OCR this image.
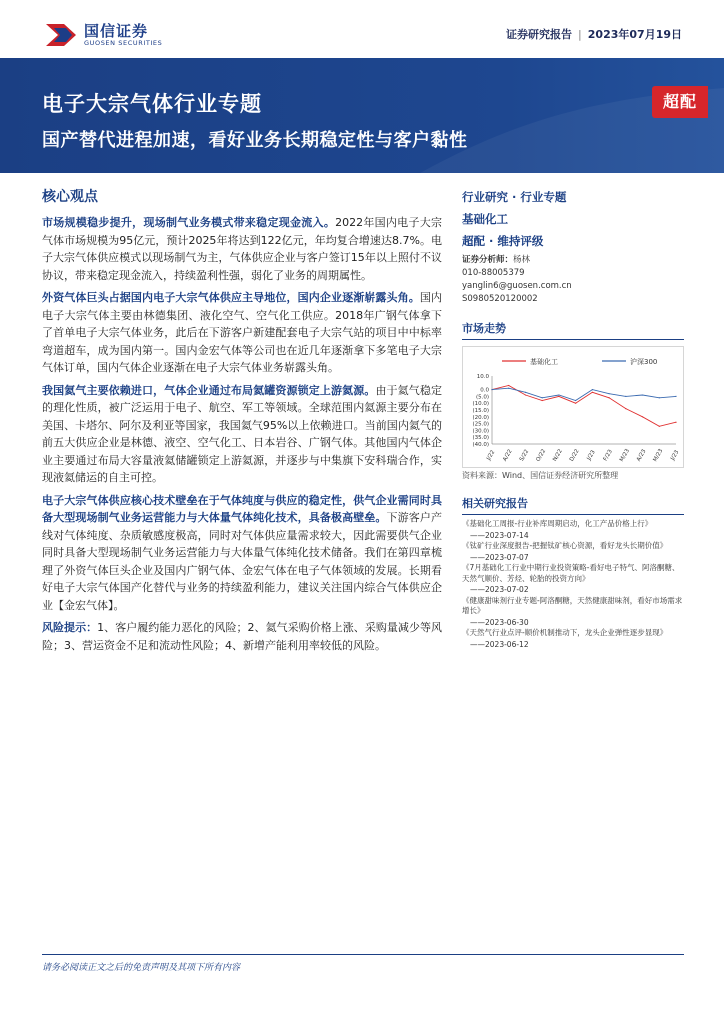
国信证券
GUOSEN SECURITIES
证券研究报告 | 2023年07月19日
电子大宗气体行业专题
国产替代进程加速，看好业务长期稳定性与客户黏性
超配
核心观点
市场规模稳步提升，现场制气业务模式带来稳定现金流入。2022年国内电子大宗气体市场规模为95亿元，预计2025年将达到122亿元，年均复合增速达8.7%。电子大宗气体供应模式以现场制气为主，气体供应企业与客户签订15年以上照付不议协议，带来稳定现金流入，持续盈利性强，弱化了业务的周期属性。
外资气体巨头占据国内电子大宗气体供应主导地位，国内企业逐渐崭露头角。国内电子大宗气体主要由林德集团、液化空气、空气化工供应。2018年广钢气体拿下了首单电子大宗气体业务，此后在下游客户新建配套电子大宗气站的项目中中标率弯道超车，成为国内第一。国内金宏气体等公司也在近几年逐渐拿下多笔电子大宗气体订单，国内气体企业逐渐在电子大宗气体业务崭露头角。
我国氦气主要依赖进口，气体企业通过布局氦罐资源锁定上游氦源。由于氦气稳定的理化性质，被广泛运用于电子、航空、军工等领域。全球范围内氦源主要分布在美国、卡塔尔、阿尔及利亚等国家，我国氦气95%以上依赖进口。当前国内氦气的前五大供应企业是林德、液空、空气化工、日本岩谷、广钢气体。其他国内气体企业主要通过布局大容量液氦储罐锁定上游氦源，并逐步与中集旗下安科瑞合作，实现液氦储运的自主可控。
电子大宗气体供应核心技术壁垒在于气体纯度与供应的稳定性，供气企业需同时具备大型现场制气业务运营能力与大体量气体纯化技术，具备极高壁垒。下游客户产线对气体纯度、杂质敏感度极高，同时对气体供应量需求较大，因此需要供气企业同时具备大型现场制气业务运营能力与大体量气体纯化技术储备。我们在第四章梳理了外资气体巨头企业及国内广钢气体、金宏气体在电子气体领域的发展。长期看好电子大宗气体国产化替代与业务的持续盈利能力，建议关注国内综合气体供应企业【金宏气体】。
风险提示：1、客户履约能力恶化的风险；2、氦气采购价格上涨、采购量减少等风险；3、营运资金不足和流动性风险；4、新增产能利用率较低的风险。
行业研究 · 行业专题
基础化工
超配 · 维持评级
证券分析师：杨林
010-88005379
yanglin6@guosen.com.cn
S0980520120002
市场走势
基础化工	沪深300
10.0
0.0
(5.0)
(10.0)
(15.0)
(20.0)
(25.0)
(30.0)
(35.0)
(40.0)
J/22 A/22 S/22 O/22 N/22 D/22 J/23 F/23 M/23 A/23 M/23 J/23
资料来源：Wind、国信证券经济研究所整理
相关研究报告
《基础化工周报-行业补库周期启动，化工产品价格上行》
——2023-07-14
《钛矿行业深度报告-把握钛矿核心资源，看好龙头长期价值》
——2023-07-07
《7月基础化工行业中期行业投资策略-看好电子特气、阿洛酮糖、天然气顺价、芳烃、轮胎的投资方向》
——2023-07-02
《健康甜味剂行业专题-阿洛酮糖，天然健康甜味剂，看好市场需求增长》
——2023-06-30
《天然气行业点评-顺价机制推动下，龙头企业弹性逐步显现》
——2023-06-12
请务必阅读正文之后的免责声明及其项下所有内容
